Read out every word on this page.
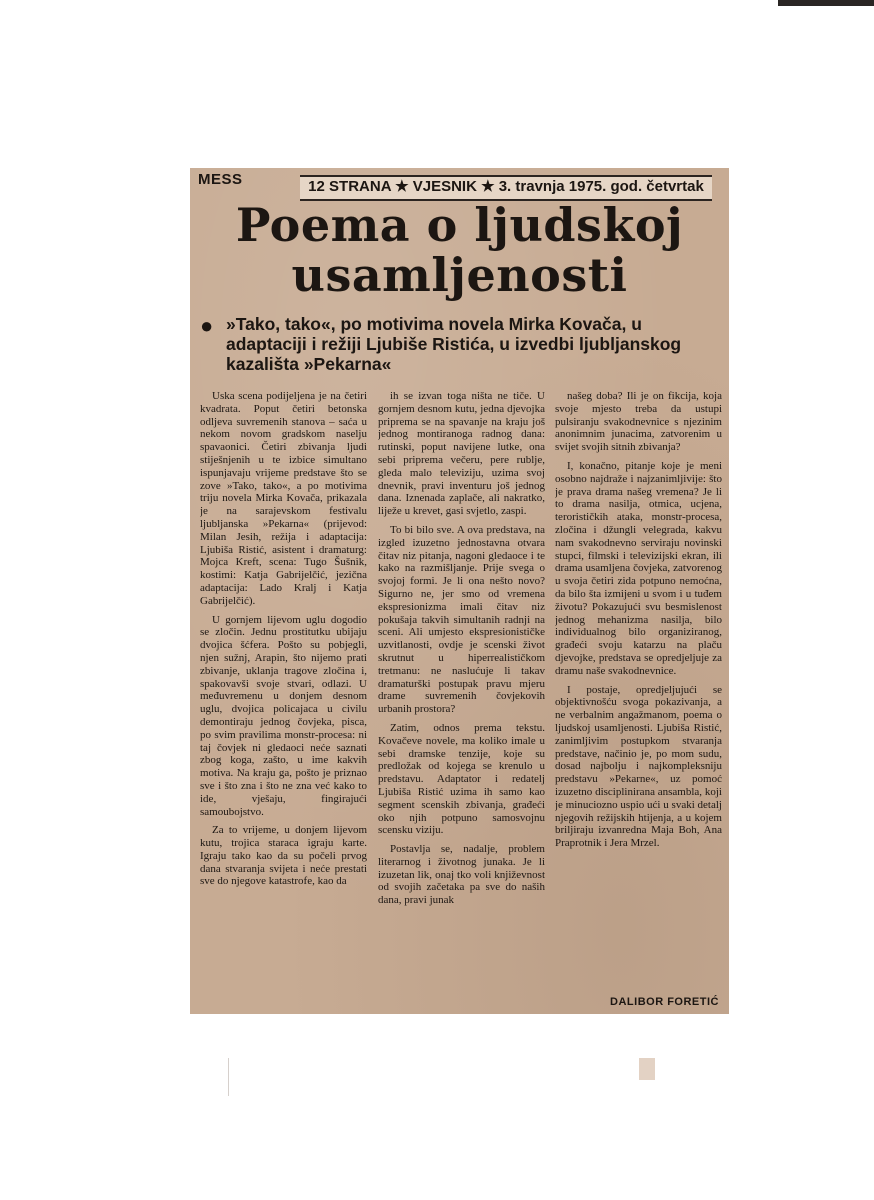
MESS	12 STRANA ★ VJESNIK ★ 3. travnja 1975. god. četvrtak
Poema o ljudskoj
usamljenosti
● »Tako, tako«, po motivima novela Mirka Kovača, u adaptaciji i režiji Ljubiše Ristića, u izvedbi ljubljanskog kazališta »Pekarna«

Uska scena podijeljena je na četiri kvadrata. Poput četiri betonska odljeva suvremenih stanova – saća u nekom novom gradskom naselju spavaonici. Četiri zbivanja ljudi stiješnjenih u te izbice simultano ispunjavaju vrijeme predstave što se zove »Tako, tako«, a po motivima triju novela Mirka Kovača, prikazala je na sarajevskom festivalu ljubljanska »Pekarna« (prijevod: Milan Jesih, režija i adaptacija: Ljubiša Ristić, asistent i dramaturg: Mojca Kreft, scena: Tugo Šušnik, kostimi: Katja Gabrijelčić, jezična adaptacija: Lado Kralj i Katja Gabrijelčić).

U gornjem lijevom uglu dogodio se zločin. Jednu prostitutku ubijaju dvojica šćfera. Pošto su pobjegli, njen sužnj, Arapin, što nijemo prati zbivanje, uklanja tragove zločina i, spakovavši svoje stvari, odlazi. U međuvremenu u donjem desnom uglu, dvojica policajaca u civilu demontiraju jednog čovjeka, pisca, po svim pravilima monstr-procesa: ni taj čovjek ni gledaoci neće saznati zbog koga, zašto, u ime kakvih motiva. Na kraju ga, pošto je priznao sve i što zna i što ne zna već kako to ide, vješaju, fingirajući samoubojstvo.

Za to vrijeme, u donjem lijevom kutu, trojica staraca igraju karte. Igraju tako kao da su počeli prvog dana stvaranja svijeta i neće prestati sve do njegove katastrofe, kao da

ih se izvan toga ništa ne tiče. U gornjem desnom kutu, jedna djevojka priprema se na spavanje na kraju još jednog montiranoga radnog dana: rutinski, poput navijene lutke, ona sebi priprema večeru, pere rublje, gleda malo televiziju, uzima svoj dnevnik, pravi inventuru još jednog dana. Iznenada zaplače, ali nakratko, liježe u krevet, gasi svjetlo, zaspi.

To bi bilo sve. A ova predstava, na izgled izuzetno jednostavna otvara čitav niz pitanja, nagoni gledaoce i te kako na razmišljanje. Prije svega o svojoj formi. Je li ona nešto novo? Sigurno ne, jer smo od vremena ekspresionizma imali čitav niz pokušaja takvih simultanih radnji na sceni. Ali umjesto ekspresionističke uzvitlanosti, ovdje je scenski život skrutnut u hiperrealističkom tretmanu: ne naslućuje li takav dramaturški postupak pravu mjeru drame suvremenih čovjekovih urbanih prostora?

Zatim, odnos prema tekstu. Kovačeve novele, ma koliko imale u sebi dramske tenzije, koje su predložak od kojega se krenulo u predstavu. Adaptator i redatelj Ljubiša Ristić uzima ih samo kao segment scenskih zbivanja, građeći oko njih potpuno samosvojnu scensku viziju.

Postavlja se, nadalje, problem literarnog i životnog junaka. Je li izuzetan lik, onaj tko voli književnost od svojih začetaka pa sve do naših dana, pravi junak

našeg doba? Ili je on fikcija, koja svoje mjesto treba da ustupi pulsiranju svakodnevnice s njezinim anonimnim junacima, zatvorenim u svijet svojih sitnih zbivanja?

I, konačno, pitanje koje je meni osobno najdraže i najzanimljivije: što je prava drama našeg vremena? Je li to drama nasilja, otmica, ucjena, terorističkih ataka, monstr-procesa, zločina i džungli velegrada, kakvu nam svakodnevno serviraju novinski stupci, filmski i televizijski ekran, ili drama usamljena čovjeka, zatvorenog u svoja četiri zida potpuno nemoćna, da bilo šta izmijeni u svom i u tuđem životu? Pokazujući svu besmislenost jednog mehanizma nasilja, bilo individualnog bilo organiziranog, građeći svoju katarzu na plaču djevojke, predstava se opredjeljuje za dramu naše svakodnevnice.

I postaje, opredjeljujući se objektivnošću svoga pokazivanja, a ne verbalnim angažmanom, poema o ljudskoj usamljenosti. Ljubiša Ristić, zanimljivim postupkom stvaranja predstave, načinio je, po mom sudu, dosad najbolju i najkompleksniju predstavu »Pekarne«, uz pomoć izuzetno disciplinirana ansambla, koji je minuciozno uspio ući u svaki detalj njegovih režijskih htijenja, a u kojem briljiraju izvanredna Maja Boh, Ana Praprotnik i Jera Mrzel.

DALIBOR FORETIĆ
